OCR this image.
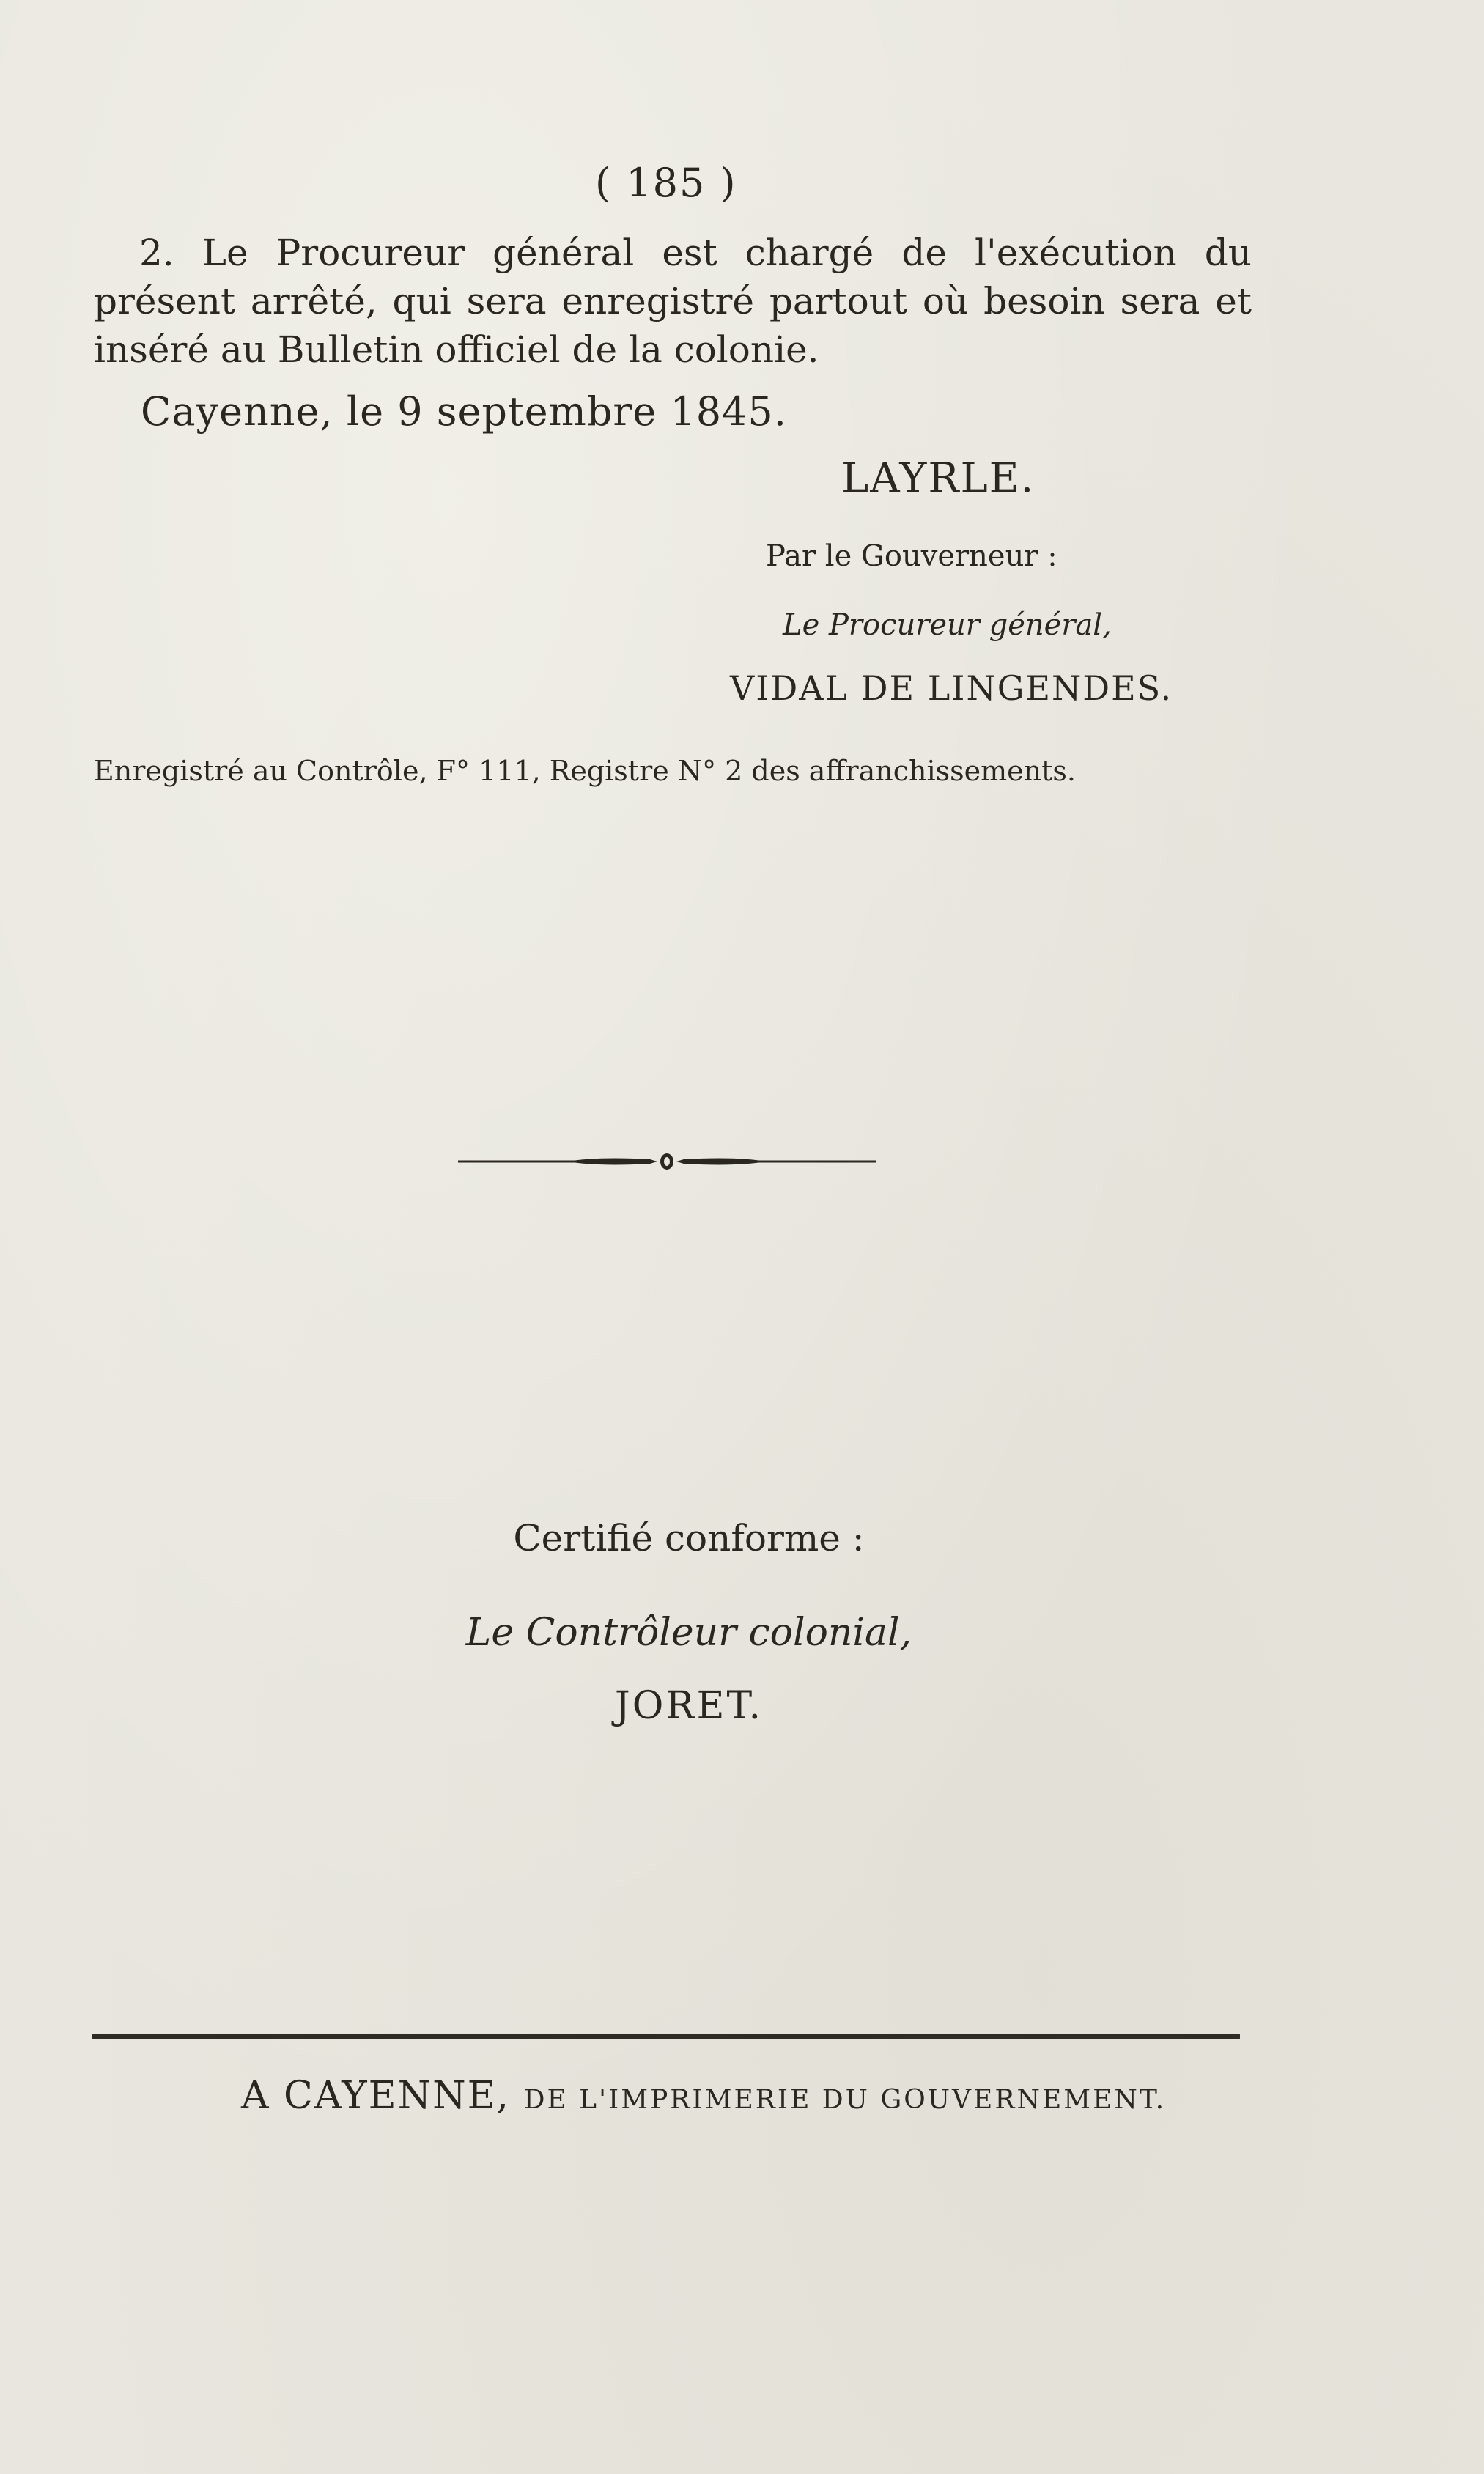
( 185 )
2. Le Procureur général est chargé de l'exécution du présent arrêté, qui sera enregistré partout où besoin sera et inséré au Bulletin officiel de la colonie.
Cayenne, le 9 septembre 1845.
LAYRLE.
Par le Gouverneur :
Le Procureur général,
VIDAL DE LINGENDES.
Enregistré au Contrôle, F° 111, Registre N° 2 des affranchissements.
Certifié conforme :
Le Contrôleur colonial,
JORET.
A CAYENNE, DE L'IMPRIMERIE DU GOUVERNEMENT.
